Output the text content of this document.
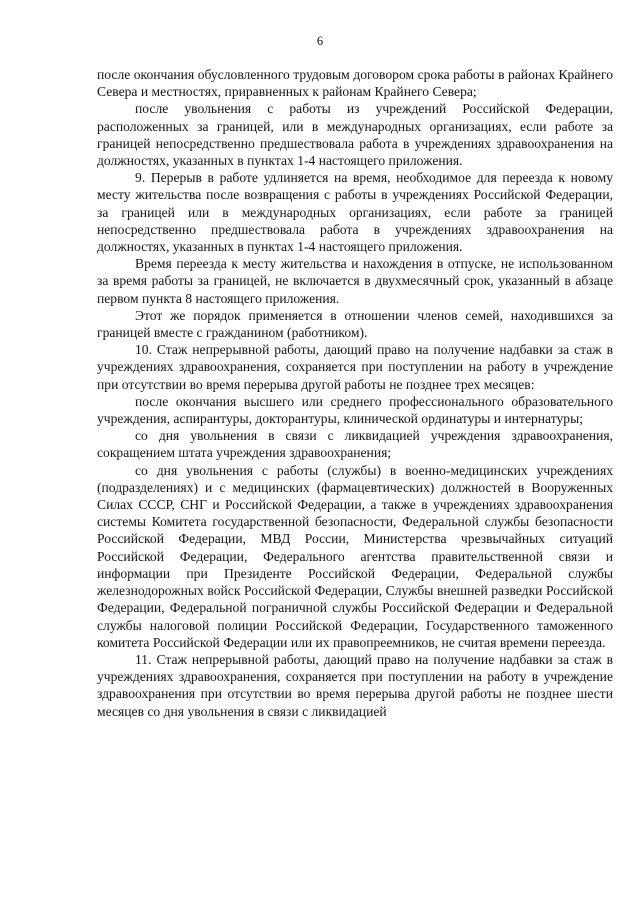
6

после окончания обусловленного трудовым договором срока работы в районах Крайнего Севера и местностях, приравненных к районам Крайнего Севера;

после увольнения с работы из учреждений Российской Федерации, расположенных за границей, или в международных организациях, если работе за границей непосредственно предшествовала работа в учреждениях здравоохранения на должностях, указанных в пунктах 1-4 настоящего приложения.

9. Перерыв в работе удлиняется на время, необходимое для переезда к новому месту жительства после возвращения с работы в учреждениях Российской Федерации, за границей или в международных организациях, если работе за границей непосредственно предшествовала работа в учреждениях здравоохранения на должностях, указанных в пунктах 1-4 настоящего приложения.

Время переезда к месту жительства и нахождения в отпуске, не использованном за время работы за границей, не включается в двухмесячный срок, указанный в абзаце первом пункта 8 настоящего приложения.

Этот же порядок применяется в отношении членов семей, находившихся за границей вместе с гражданином (работником).

10. Стаж непрерывной работы, дающий право на получение надбавки за стаж в учреждениях здравоохранения, сохраняется при поступлении на работу в учреждение при отсутствии во время перерыва другой работы не позднее трех месяцев:

после окончания высшего или среднего профессионального образовательного учреждения, аспирантуры, докторантуры, клинической ординатуры и интернатуры;

со дня увольнения в связи с ликвидацией учреждения здравоохранения, сокращением штата учреждения здравоохранения;

со дня увольнения с работы (службы) в военно-медицинских учреждениях (подразделениях) и с медицинских (фармацевтических) должностей в Вооруженных Силах СССР, СНГ и Российской Федерации, а также в учреждениях здравоохранения системы Комитета государственной безопасности, Федеральной службы безопасности Российской Федерации, МВД России, Министерства чрезвычайных ситуаций Российской Федерации, Федерального агентства правительственной связи и информации при Президенте Российской Федерации, Федеральной службы железнодорожных войск Российской Федерации, Службы внешней разведки Российской Федерации, Федеральной пограничной службы Российской Федерации и Федеральной службы налоговой полиции Российской Федерации, Государственного таможенного комитета Российской Федерации или их правопреемников, не считая времени переезда.

11. Стаж непрерывной работы, дающий право на получение надбавки за стаж в учреждениях здравоохранения, сохраняется при поступлении на работу в учреждение здравоохранения при отсутствии во время перерыва другой работы не позднее шести месяцев со дня увольнения в связи с ликвидацией
